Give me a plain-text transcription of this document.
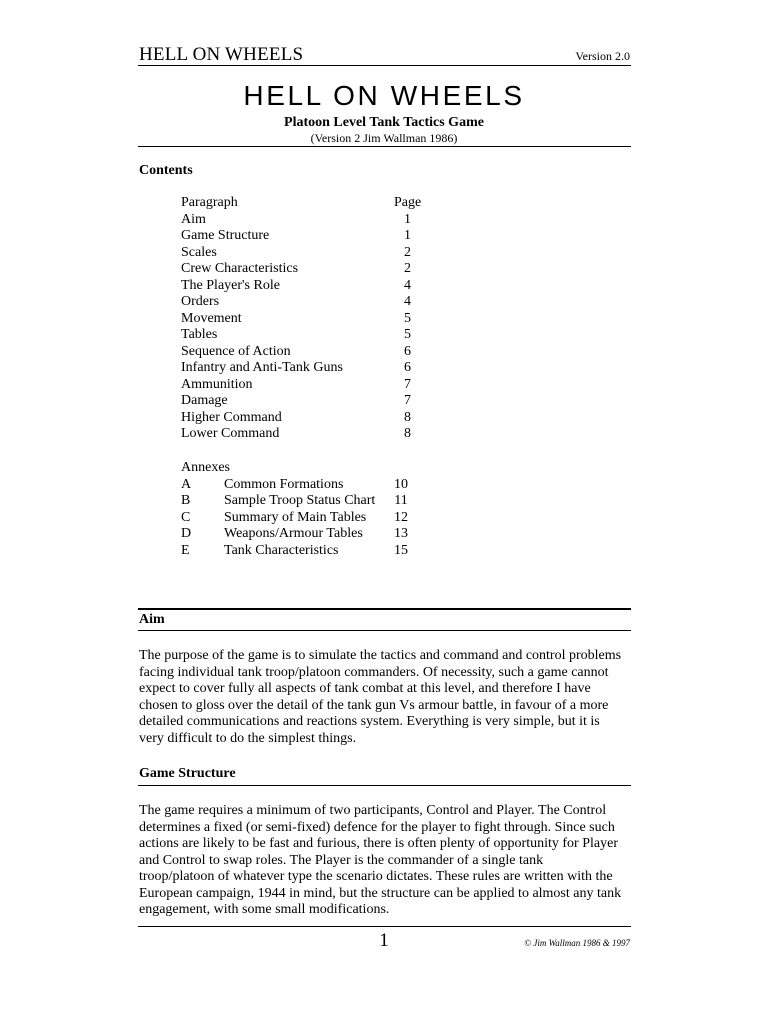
HELL ON WHEELS	Version 2.0
HELL ON WHEELS
Platoon Level Tank Tactics Game
(Version 2 Jim Wallman 1986)
Contents
Paragraph	Page
Aim	1
Game Structure	1
Scales	2
Crew Characteristics	2
The Player's Role	4
Orders	4
Movement	5
Tables	5
Sequence of Action	6
Infantry and Anti-Tank Guns	6
Ammunition	7
Damage	7
Higher Command	8
Lower Command	8
Annexes
A Common Formations	10
B Sample Troop Status Chart	11
C Summary of Main Tables 12
D Weapons/Armour Tables 13
E Tank Characteristics	15
Aim
The purpose of the game is to simulate the tactics and command and control problems
facing individual tank troop/platoon commanders. Of necessity, such a game cannot
expect to cover fully all aspects of tank combat at this level, and therefore I have
chosen to gloss over the detail of the tank gun Vs armour battle, in favour of a more
detailed communications and reactions system. Everything is very simple, but it is
very difficult to do the simplest things.
Game Structure
The game requires a minimum of two participants, Control and Player. The Control
determines a fixed (or semi-fixed) defence for the player to fight through. Since such
actions are likely to be fast and furious, there is often plenty of opportunity for Player
and Control to swap roles. The Player is the commander of a single tank
troop/platoon of whatever type the scenario dictates. These rules are written with the
European campaign, 1944 in mind, but the structure can be applied to almost any tank
engagement, with some small modifications.
1	© Jim Wallman 1986 & 1997
